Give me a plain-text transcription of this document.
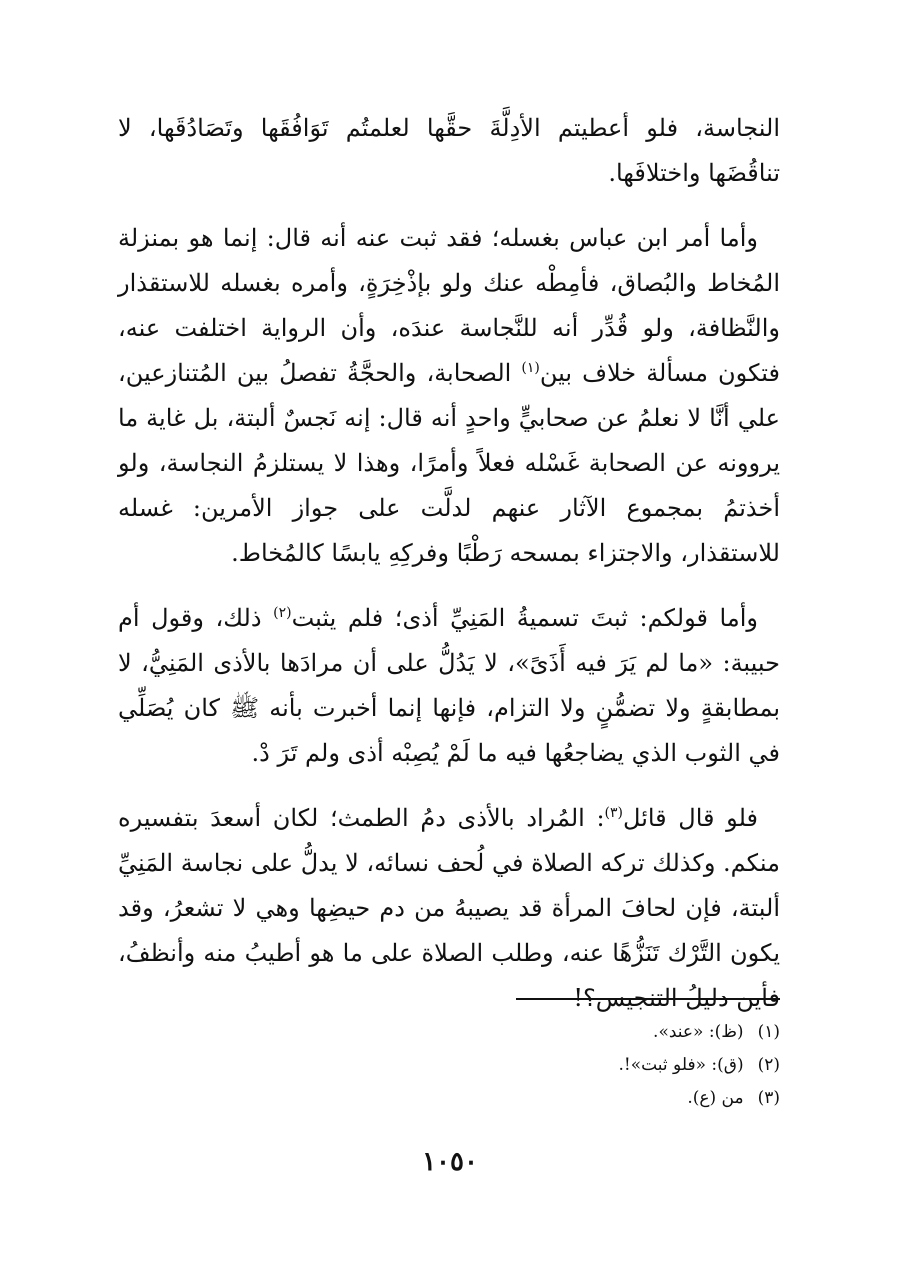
النجاسة، فلو أعطيتم الأدِلَّةَ حقَّها لعلمتُم تَوَافُقَها وتَصَادُقَها، لا تناقُضَها واختلافَها.

وأما أمر ابن عباس بغسله؛ فقد ثبت عنه أنه قال: إنما هو بمنزلة المُخاط والبُصاق، فأمِطْه عنك ولو بإذْخِرَةٍ، وأمره بغسله للاستقذار والنَّظافة، ولو قُدِّر أنه للنَّجاسة عندَه، وأن الرواية اختلفت عنه، فتكون مسألة خلاف بين$^{(١)}$ الصحابة، والحجَّةُ تفصلُ بين المُتنازعين، علي أنَّا لا نعلمُ عن صحابيٍّ واحدٍ أنه قال: إنه نَجسٌ ألبتة، بل غاية ما يروونه عن الصحابة غَسْله فعلاً وأمرًا، وهذا لا يستلزمُ النجاسة، ولو أخذتمُ بمجموع الآثار عنهم لدلَّت على جواز الأمرين: غسله للاستقذار، والاجتزاء بمسحه رَطْبًا وفركِهِ يابسًا كالمُخاط.

وأما قولكم: ثبتَ تسميةُ المَنِيِّ أذى؛ فلم يثبت$^{(٢)}$ ذلك، وقول أم حبيبة: «ما لم يَرَ فيه أَذَىً»، لا يَدُلُّ على أن مرادَها بالأذى المَنِيُّ، لا بمطابقةٍ ولا تضمُّنٍ ولا التزام، فإنها إنما أخبرت بأنه ﷺ كان يُصَلِّي في الثوب الذي يضاجعُها فيه ما لَمْ يُصِبْه أذى ولم تَرَ دْ.

فلو قال قائل$^{(٣)}$: المُراد بالأذى دمُ الطمث؛ لكان أسعدَ بتفسيره منكم. وكذلك تركه الصلاة في لُحف نسائه، لا يدلُّ على نجاسة المَنِيِّ ألبتة، فإن لحافَ المرأة قد يصيبهُ من دم حيضِها وهي لا تشعرُ، وقد يكون التَّرْك تَنَزُّهًا عنه، وطلب الصلاة على ما هو أطيبُ منه وأنظفُ، فأين دليلُ التنجيس؟!

(١)(ظ): «عند».
(٢)(ق): «فلو ثبت»!.
(٣)من (ع).
١٠٥٠
